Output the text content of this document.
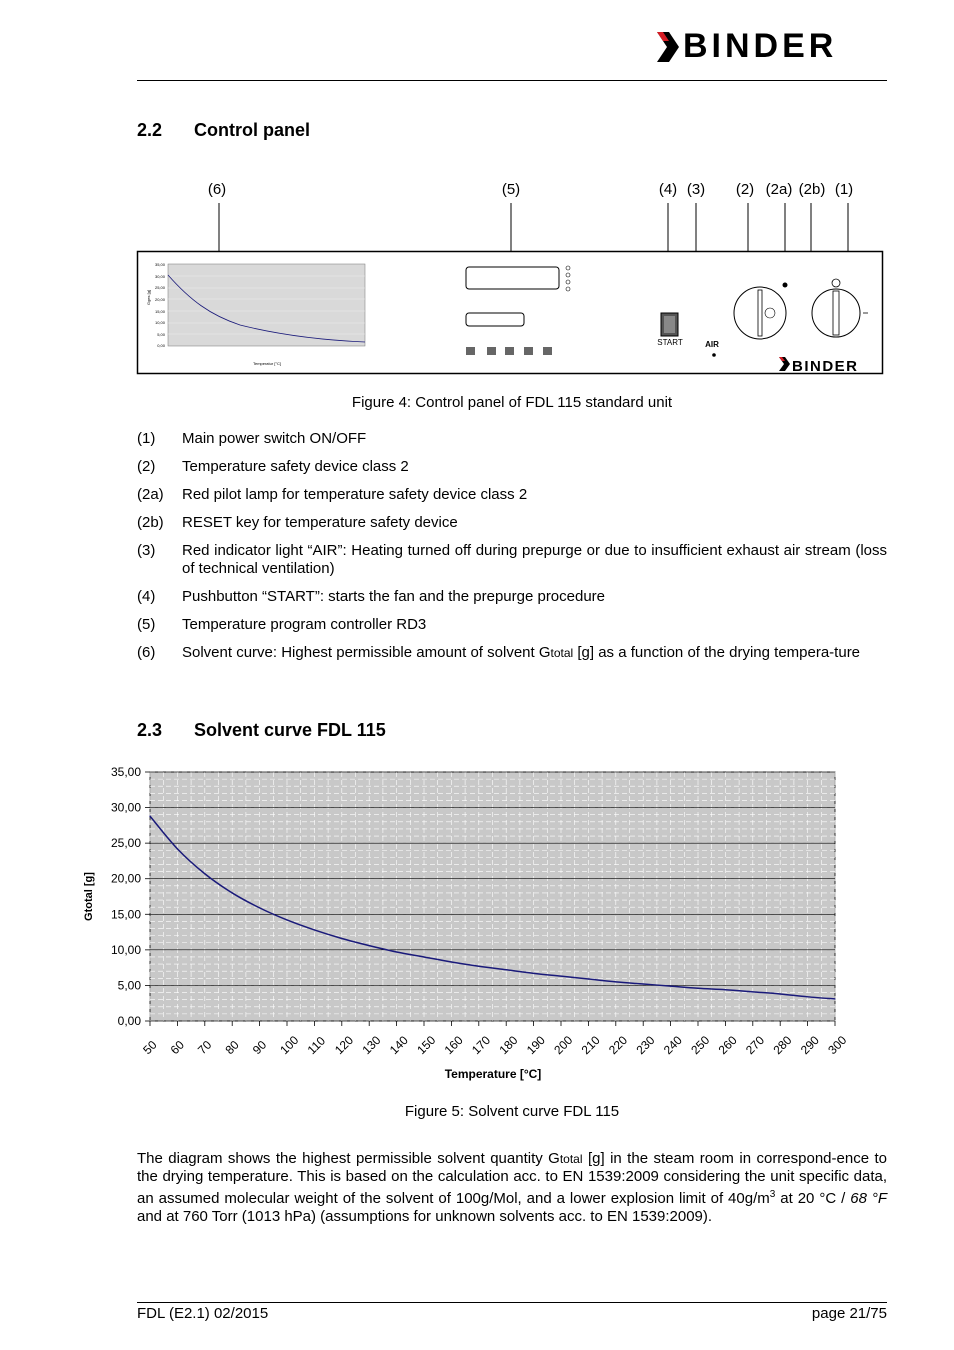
BINDER
2.2 Control panel
(6)	(5)	(4) (3) (2) (2a) (2b) (1)
Gges [g]
Temperatur [°C]
35,00
30,00
25,00
20,00
15,00
10,00
5,00
0,00	START	AIR
BINDER
Figure 4: Control panel of FDL 115 standard unit
(1) Main power switch ON/OFF
(2) Temperature safety device class 2
(2a) Red pilot lamp for temperature safety device class 2
(2b) RESET key for temperature safety device
(3) Red indicator light “AIR”: Heating turned off during prepurge or due to insufficient exhaust air stream (loss of technical ventilation)
(4) Pushbutton “START”: starts the fan and the prepurge procedure
(5) Temperature program controller RD3
(6) Solvent curve: Highest permissible amount of solvent Gtotal [g] as a function of the drying tempera-ture
2.3 Solvent curve FDL 115
0,00
5,00
10,00
15,00
20,00
25,00
30,00
35,00
50 60 70 80 90 100 110 120 130 140 150 160 170 180 190 200 210 220 230 240 250 260 270 280 290 300
Gtotal [g]
Temperature [°C]
Figure 5: Solvent curve FDL 115
The diagram shows the highest permissible solvent quantity Gtotal [g] in the steam room in correspond-ence to the drying temperature. This is based on the calculation acc. to EN 1539:2009 considering the unit specific data, an assumed molecular weight of the solvent of 100g/Mol, and a lower explosion limit of $40g/m^3$ at 20 °C / 68 °F and at 760 Torr (1013 hPa) (assumptions for unknown solvents acc. to EN 1539:2009).
FDL (E2.1) 02/2015	page 21/75
